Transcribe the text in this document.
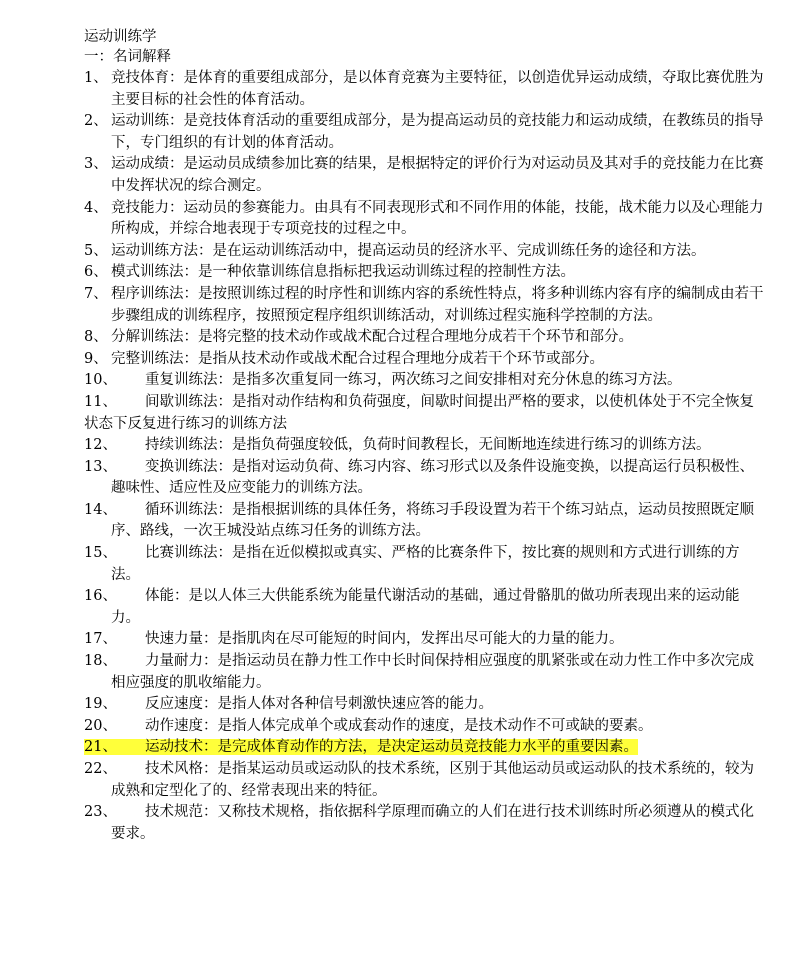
运动训练学
一：名词解释
1、 竞技体育：是体育的重要组成部分，是以体育竞赛为主要特征，以创造优异运动成绩，夺取比赛优胜为主要目标的社会性的体育活动。
2、 运动训练：是竞技体育活动的重要组成部分，是为提高运动员的竞技能力和运动成绩，在教练员的指导下，专门组织的有计划的体育活动。
3、 运动成绩：是运动员成绩参加比赛的结果，是根据特定的评价行为对运动员及其对手的竞技能力在比赛中发挥状况的综合测定。
4、 竞技能力：运动员的参赛能力。由具有不同表现形式和不同作用的体能，技能，战术能力以及心理能力所构成，并综合地表现于专项竞技的过程之中。
5、 运动训练方法：是在运动训练活动中，提高运动员的经济水平、完成训练任务的途径和方法。
6、 模式训练法：是一种依靠训练信息指标把我运动训练过程的控制性方法。
7、 程序训练法：是按照训练过程的时序性和训练内容的系统性特点，将多种训练内容有序的编制成由若干步骤组成的训练程序，按照预定程序组织训练活动，对训练过程实施科学控制的方法。
8、 分解训练法：是将完整的技术动作或战术配合过程合理地分成若干个环节和部分。
9、 完整训练法：是指从技术动作或战术配合过程合理地分成若干个环节或部分。
10、	重复训练法：是指多次重复同一练习，两次练习之间安排相对充分休息的练习方法。
11、 间歇训练法：是指对动作结构和负荷强度，间歇时间提出严格的要求，以使机体处于不完全恢复状态下反复进行练习的训练方法
12、	持续训练法：是指负荷强度较低，负荷时间教程长，无间断地连续进行练习的训练方法。
13、	变换训练法：是指对运动负荷、练习内容、练习形式以及条件设施变换，以提高运行员积极性、趣味性、适应性及应变能力的训练方法。
14、	循环训练法：是指根据训练的具体任务，将练习手段设置为若干个练习站点，运动员按照既定顺序、路线，一次王城没站点练习任务的训练方法。
15、	比赛训练法：是指在近似模拟或真实、严格的比赛条件下，按比赛的规则和方式进行训练的方法。
16、	体能：是以人体三大供能系统为能量代谢活动的基础，通过骨骼肌的做功所表现出来的运动能力。
17、 快速力量：是指肌肉在尽可能短的时间内，发挥出尽可能大的力量的能力。
18、	力量耐力：是指运动员在静力性工作中长时间保持相应强度的肌紧张或在动力性工作中多次完成相应强度的肌收缩能力。
19、 反应速度：是指人体对各种信号刺激快速应答的能力。
20、 动作速度：是指人体完成单个或成套动作的速度，是技术动作不可或缺的要素。
21、 运动技术：是完成体育动作的方法，是决定运动员竞技能力水平的重要因素。
22、	技术风格：是指某运动员或运动队的技术系统，区别于其他运动员或运动队的技术系统的，较为成熟和定型化了的、经常表现出来的特征。
23、	技术规范：又称技术规格，指依据科学原理而确立的人们在进行技术训练时所必须遵从的模式化要求。
